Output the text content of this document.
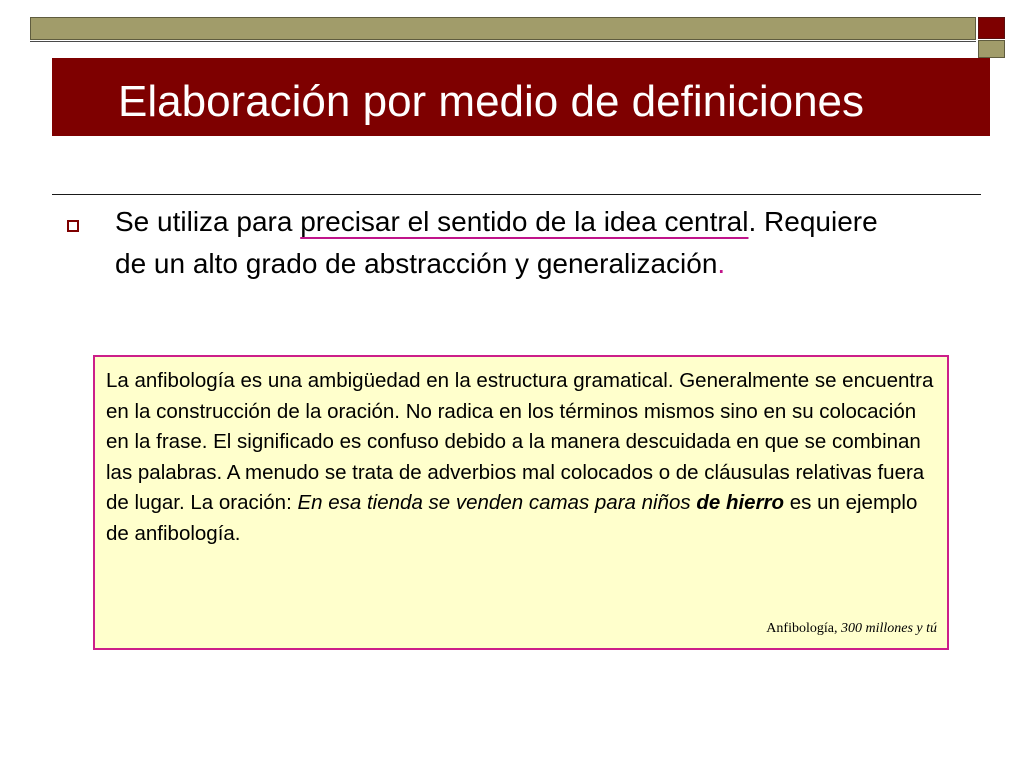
Elaboración por medio de definiciones
Se utiliza para precisar el sentido de la idea central. Requiere de un alto grado de abstracción y generalización.
La anfibología es una ambigüedad en la estructura gramatical. Generalmente se encuentra en la construcción de la oración. No radica en los términos mismos sino en su colocación en la frase. El significado es confuso debido a la manera descuidada en que se combinan las palabras. A menudo se trata de adverbios mal colocados o de cláusulas relativas fuera de lugar. La oración: En esa tienda se venden camas para niños de hierro es un ejemplo de anfibología.
Anfibología, 300 millones y tú
